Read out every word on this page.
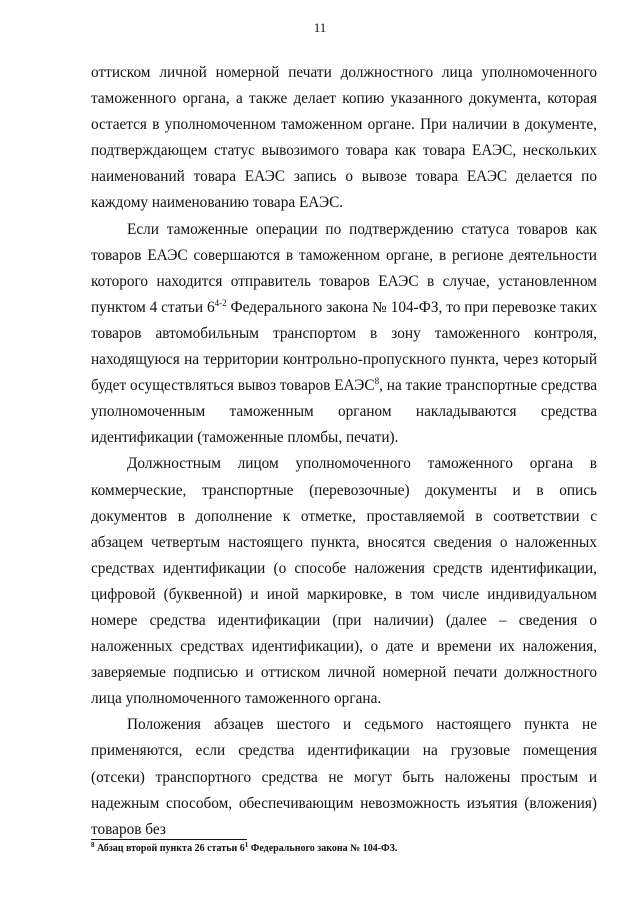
11

оттиском личной номерной печати должностного лица уполномоченного таможенного органа, а также делает копию указанного документа, которая остается в уполномоченном таможенном органе. При наличии в документе, подтверждающем статус вывозимого товара как товара ЕАЭС, нескольких наименований товара ЕАЭС запись о вывозе товара ЕАЭС делается по каждому наименованию товара ЕАЭС.

Если таможенные операции по подтверждению статуса товаров как товаров ЕАЭС совершаются в таможенном органе, в регионе деятельности которого находится отправитель товаров ЕАЭС в случае, установленном пунктом 4 статьи 6$^{4-2}$ Федерального закона № 104-ФЗ, то при перевозке таких товаров автомобильным транспортом в зону таможенного контроля, находящуюся на территории контрольно-пропускного пункта, через который будет осуществляться вывоз товаров ЕАЭС$^8$, на такие транспортные средства уполномоченным таможенным органом накладываются средства идентификации (таможенные пломбы, печати).

Должностным лицом уполномоченного таможенного органа в коммерческие, транспортные (перевозочные) документы и в опись документов в дополнение к отметке, проставляемой в соответствии с абзацем четвертым настоящего пункта, вносятся сведения о наложенных средствах идентификации (о способе наложения средств идентификации, цифровой (буквенной) и иной маркировке, в том числе индивидуальном номере средства идентификации (при наличии) (далее – сведения о наложенных средствах идентификации), о дате и времени их наложения, заверяемые подписью и оттиском личной номерной печати должностного лица уполномоченного таможенного органа.

Положения абзацев шестого и седьмого настоящего пункта не применяются, если средства идентификации на грузовые помещения (отсеки) транспортного средства не могут быть наложены простым и надежным способом, обеспечивающим невозможность изъятия (вложения) товаров без

$^8$ Абзац второй пункта 26 статьи $6^1$ Федерального закона № 104-ФЗ.
